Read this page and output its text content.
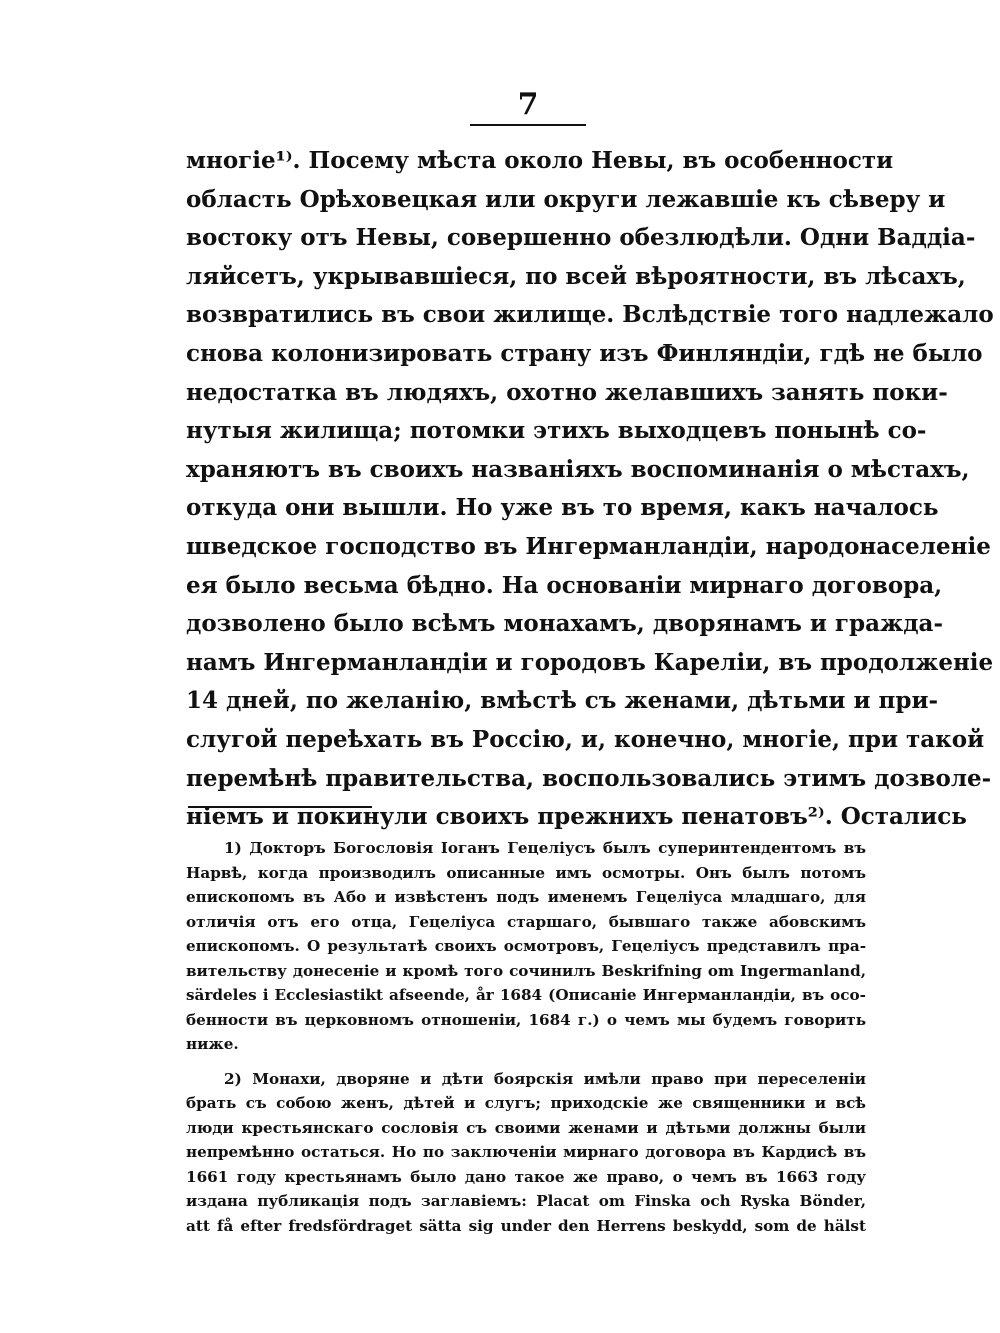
7
многіе¹⁾. Посему мѣста около Невы, въ особенности
область Орѣховецкая или округи лежавшіе къ сѣверу и
востоку отъ Невы, совершенно обезлюдѣли. Одни Ваддіа-
ляйсетъ, укрывавшіеся, по всей вѣроятности, въ лѣсахъ,
возвратились въ свои жилище. Вслѣдствіе того надлежало
снова колонизировать страну изъ Финляндіи, гдѣ не было
недостатка въ людяхъ, охотно желавшихъ занять поки-
нутыя жилища; потомки этихъ выходцевъ понынѣ со-
храняютъ въ своихъ названіяхъ воспоминанія о мѣстахъ,
откуда они вышли. Но уже въ то время, какъ началось
шведское господство въ Ингерманландіи, народонаселеніе
ея было весьма бѣдно. На основаніи мирнаго договора,
дозволено было всѣмъ монахамъ, дворянамъ и гражда-
намъ Ингерманландіи и городовъ Кареліи, въ продолженіе
14 дней, по желанію, вмѣстѣ съ женами, дѣтьми и при-
слугой переѣхать въ Россію, и, конечно, многіе, при такой
перемѣнѣ правительства, воспользовались этимъ дозволе-
ніемъ и покинули своихъ прежнихъ пенатовъ²⁾. Остались
1) Докторъ Богословія Іоганъ Гецеліусъ былъ суперинтендентомъ въ
Нарвѣ, когда производилъ описанные имъ осмотры. Онъ былъ потомъ
епископомъ въ Або и извѣстенъ подъ именемъ Гецеліуса младшаго, для
отличія отъ его отца, Гецеліуса старшаго, бывшаго также абовскимъ
епископомъ. О результатѣ своихъ осмотровъ, Гецеліусъ представилъ пра-
вительству донесеніе и кромѣ того сочинилъ Beskrifning om Ingermanland,
särdeles i Ecclesiastikt afseende, år 1684 (Описаніе Ингерманландіи, въ осо-
бенности въ церковномъ отношеніи, 1684 г.) о чемъ мы будемъ говорить
ниже.
2) Монахи, дворяне и дѣти боярскія имѣли право при переселеніи
брать съ собою женъ, дѣтей и слугъ; приходскіе же священники и всѣ
люди крестьянскаго сословія съ своими женами и дѣтьми должны были
непремѣнно остаться. Но по заключеніи мирнаго договора въ Кардисѣ въ
1661 году крестьянамъ было дано такое же право, о чемъ въ 1663 году
издана публикація подъ заглавіемъ: Placat om Finska och Ryska Bönder,
att få efter fredsfördraget sätta sig under den Herrens beskydd, som de hälst
